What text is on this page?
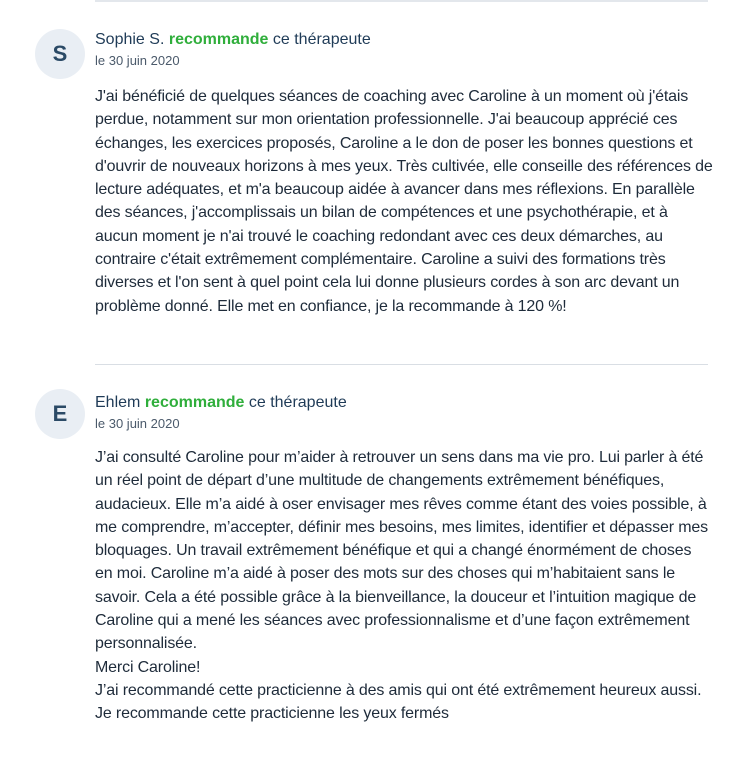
S
Sophie S. recommande ce thérapeute
le 30 juin 2020

J'ai bénéficié de quelques séances de coaching avec Caroline à un moment où j'étais perdue, notamment sur mon orientation professionnelle. J'ai beaucoup apprécié ces échanges, les exercices proposés, Caroline a le don de poser les bonnes questions et d'ouvrir de nouveaux horizons à mes yeux. Très cultivée, elle conseille des références de lecture adéquates, et m'a beaucoup aidée à avancer dans mes réflexions. En parallèle des séances, j'accomplissais un bilan de compétences et une psychothérapie, et à aucun moment je n'ai trouvé le coaching redondant avec ces deux démarches, au contraire c'était extrêmement complémentaire. Caroline a suivi des formations très diverses et l'on sent à quel point cela lui donne plusieurs cordes à son arc devant un problème donné. Elle met en confiance, je la recommande à 120 %!

E	Ehlem recommande ce thérapeute
le 30 juin 2020

J’ai consulté Caroline pour m’aider à retrouver un sens dans ma vie pro. Lui parler à été un réel point de départ d’une multitude de changements extrêmement bénéfiques, audacieux. Elle m’a aidé à oser envisager mes rêves comme étant des voies possible, à me comprendre, m’accepter, définir mes besoins, mes limites, identifier et dépasser mes bloquages. Un travail extrêmement bénéfique et qui a changé énormément de choses en moi. Caroline m’a aidé à poser des mots sur des choses qui m’habitaient sans le savoir. Cela a été possible grâce à la bienveillance, la douceur et l’intuition magique de Caroline qui a mené les séances avec professionnalisme et d’une façon extrêmement personnalisée.

Merci Caroline!

J’ai recommandé cette practicienne à des amis qui ont été extrêmement heureux aussi.

Je recommande cette practicienne les yeux fermés
